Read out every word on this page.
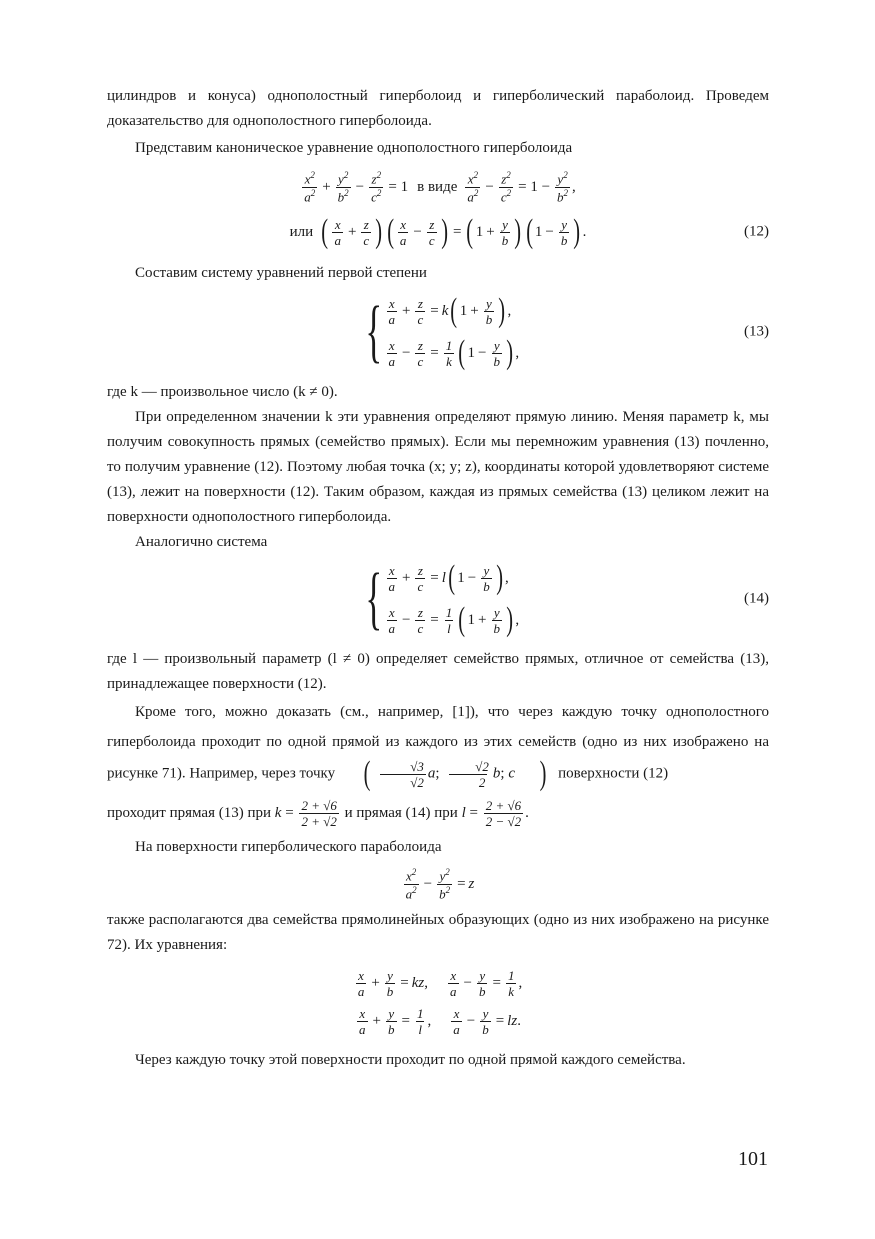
цилиндров и конуса) однополостный гиперболоид и гиперболический параболоид. Проведем доказательство для однополостного гиперболоида.

Представим каноническое уравнение однополостного гиперболоида

$\frac{x^2}{a^2} + \frac{y^2}{b^2} - \frac{z^2}{c^2} = 1$ в виде $\frac{x^2}{a^2} - \frac{z^2}{c^2} = 1 - \frac{y^2}{b^2}$ ,
или ( $\frac{x}{a} + \frac{z}{c}$ ) ( $\frac{x}{a} - \frac{z}{c}$ ) = ( $1 + \frac{y}{b}$ ) ( $1 - \frac{y}{b}$ ) .	(12)

Составим систему уравнений первой степени

{ $\frac{x}{a} + \frac{z}{c} = k$ ( $1 + \frac{y}{b}$ ) ,
$\frac{x}{a} - \frac{z}{c} = \frac{1}{k}$ ( $1 - \frac{y}{b}$ ) ,
(13)

где k — произвольное число (k ≠ 0).

При определенном значении k эти уравнения определяют прямую линию. Меняя параметр k, мы получим совокупность прямых (семейство прямых). Если мы перемножим уравнения (13) почленно, то получим уравнение (12). Поэтому любая точка (x; y; z), координаты которой удовлетворяют системе (13), лежит на поверхности (12). Таким образом, каждая из прямых семейства (13) целиком лежит на поверхности однополостного гиперболоида.

Аналогично система

{ $\frac{x}{a} + \frac{z}{c} = l$ ( $1 - \frac{y}{b}$ ) ,
$\frac{x}{a} - \frac{z}{c} = \frac{1}{l}$ ( $1 + \frac{y}{b}$ ) ,
(14)

где l — произвольный параметр (l ≠ 0) определяет семейство прямых, отличное от семейства (13), принадлежащее поверхности (12).

Кроме того, можно доказать (см., например, [1]), что через каждую точку однополостного гиперболоида проходит по одной прямой из каждого из этих семейств (одно из них изображено на рисунке 71). Например, через точку ( $\frac{√3}{√2} a$; $\frac{√2}{2} b$; c ) поверхности (12)

проходит прямая (13) при $k = \frac{2 + √6}{2 + √2}$ и прямая (14) при $l = \frac{2 + √6}{2 - √2}$ .

На поверхности гиперболического параболоида

$\frac{x^2}{a^2} - \frac{y^2}{b^2} = z$

также располагаются два семейства прямолинейных образующих (одно из них изображено на рисунке 72). Их уравнения:

$\frac{x}{a} + \frac{y}{b}$ = kz , $\frac{x}{a} - \frac{y}{b} = \frac{1}{k}$ ,
$\frac{x}{a} + \frac{y}{b} = \frac{1}{l}$ , $\frac{x}{a} - \frac{y}{b}$ = lz .

Через каждую точку этой поверхности проходит по одной прямой каждого семейства.

101
